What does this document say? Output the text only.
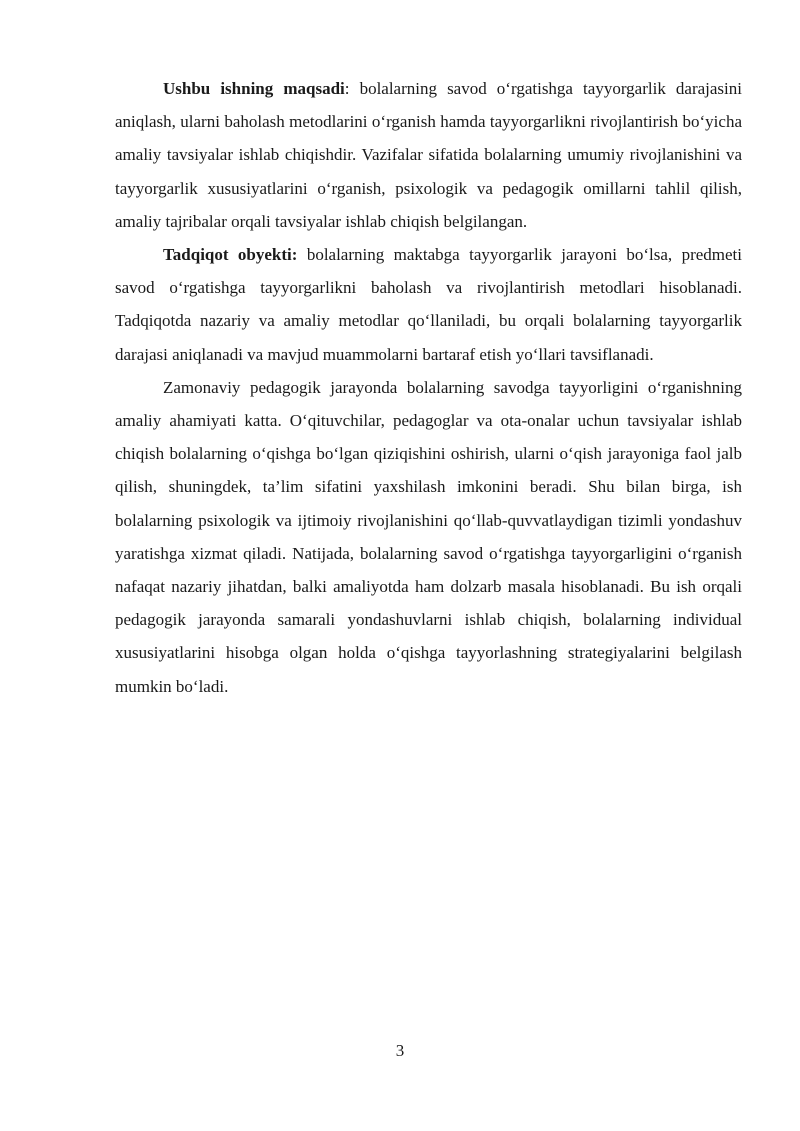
Ushbu ishning maqsadi: bolalarning savod o‘rgatishga tayyorgarlik darajasini aniqlash, ularni baholash metodlarini o‘rganish hamda tayyorgarlikni rivojlantirish bo‘yicha amaliy tavsiyalar ishlab chiqishdir. Vazifalar sifatida bolalarning umumiy rivojlanishini va tayyorgarlik xususiyatlarini o‘rganish, psixologik va pedagogik omillarni tahlil qilish, amaliy tajribalar orqali tavsiyalar ishlab chiqish belgilangan.

Tadqiqot obyekti: bolalarning maktabga tayyorgarlik jarayoni bo‘lsa, predmeti savod o‘rgatishga tayyorgarlikni baholash va rivojlantirish metodlari hisoblanadi. Tadqiqotda nazariy va amaliy metodlar qo‘llaniladi, bu orqali bolalarning tayyorgarlik darajasi aniqlanadi va mavjud muammolarni bartaraf etish yo‘llari tavsiflanadi.

Zamonaviy pedagogik jarayonda bolalarning savodga tayyorligini o‘rganishning amaliy ahamiyati katta. O‘qituvchilar, pedagoglar va ota-onalar uchun tavsiyalar ishlab chiqish bolalarning o‘qishga bo‘lgan qiziqishini oshirish, ularni o‘qish jarayoniga faol jalb qilish, shuningdek, ta’lim sifatini yaxshilash imkonini beradi. Shu bilan birga, ish bolalarning psixologik va ijtimoiy rivojlanishini qo‘llab-quvvatlaydigan tizimli yondashuv yaratishga xizmat qiladi. Natijada, bolalarning savod o‘rgatishga tayyorgarligini o‘rganish nafaqat nazariy jihatdan, balki amaliyotda ham dolzarb masala hisoblanadi. Bu ish orqali pedagogik jarayonda samarali yondashuvlarni ishlab chiqish, bolalarning individual xususiyatlarini hisobga olgan holda o‘qishga tayyorlashning strategiyalarini belgilash mumkin bo‘ladi.

3
